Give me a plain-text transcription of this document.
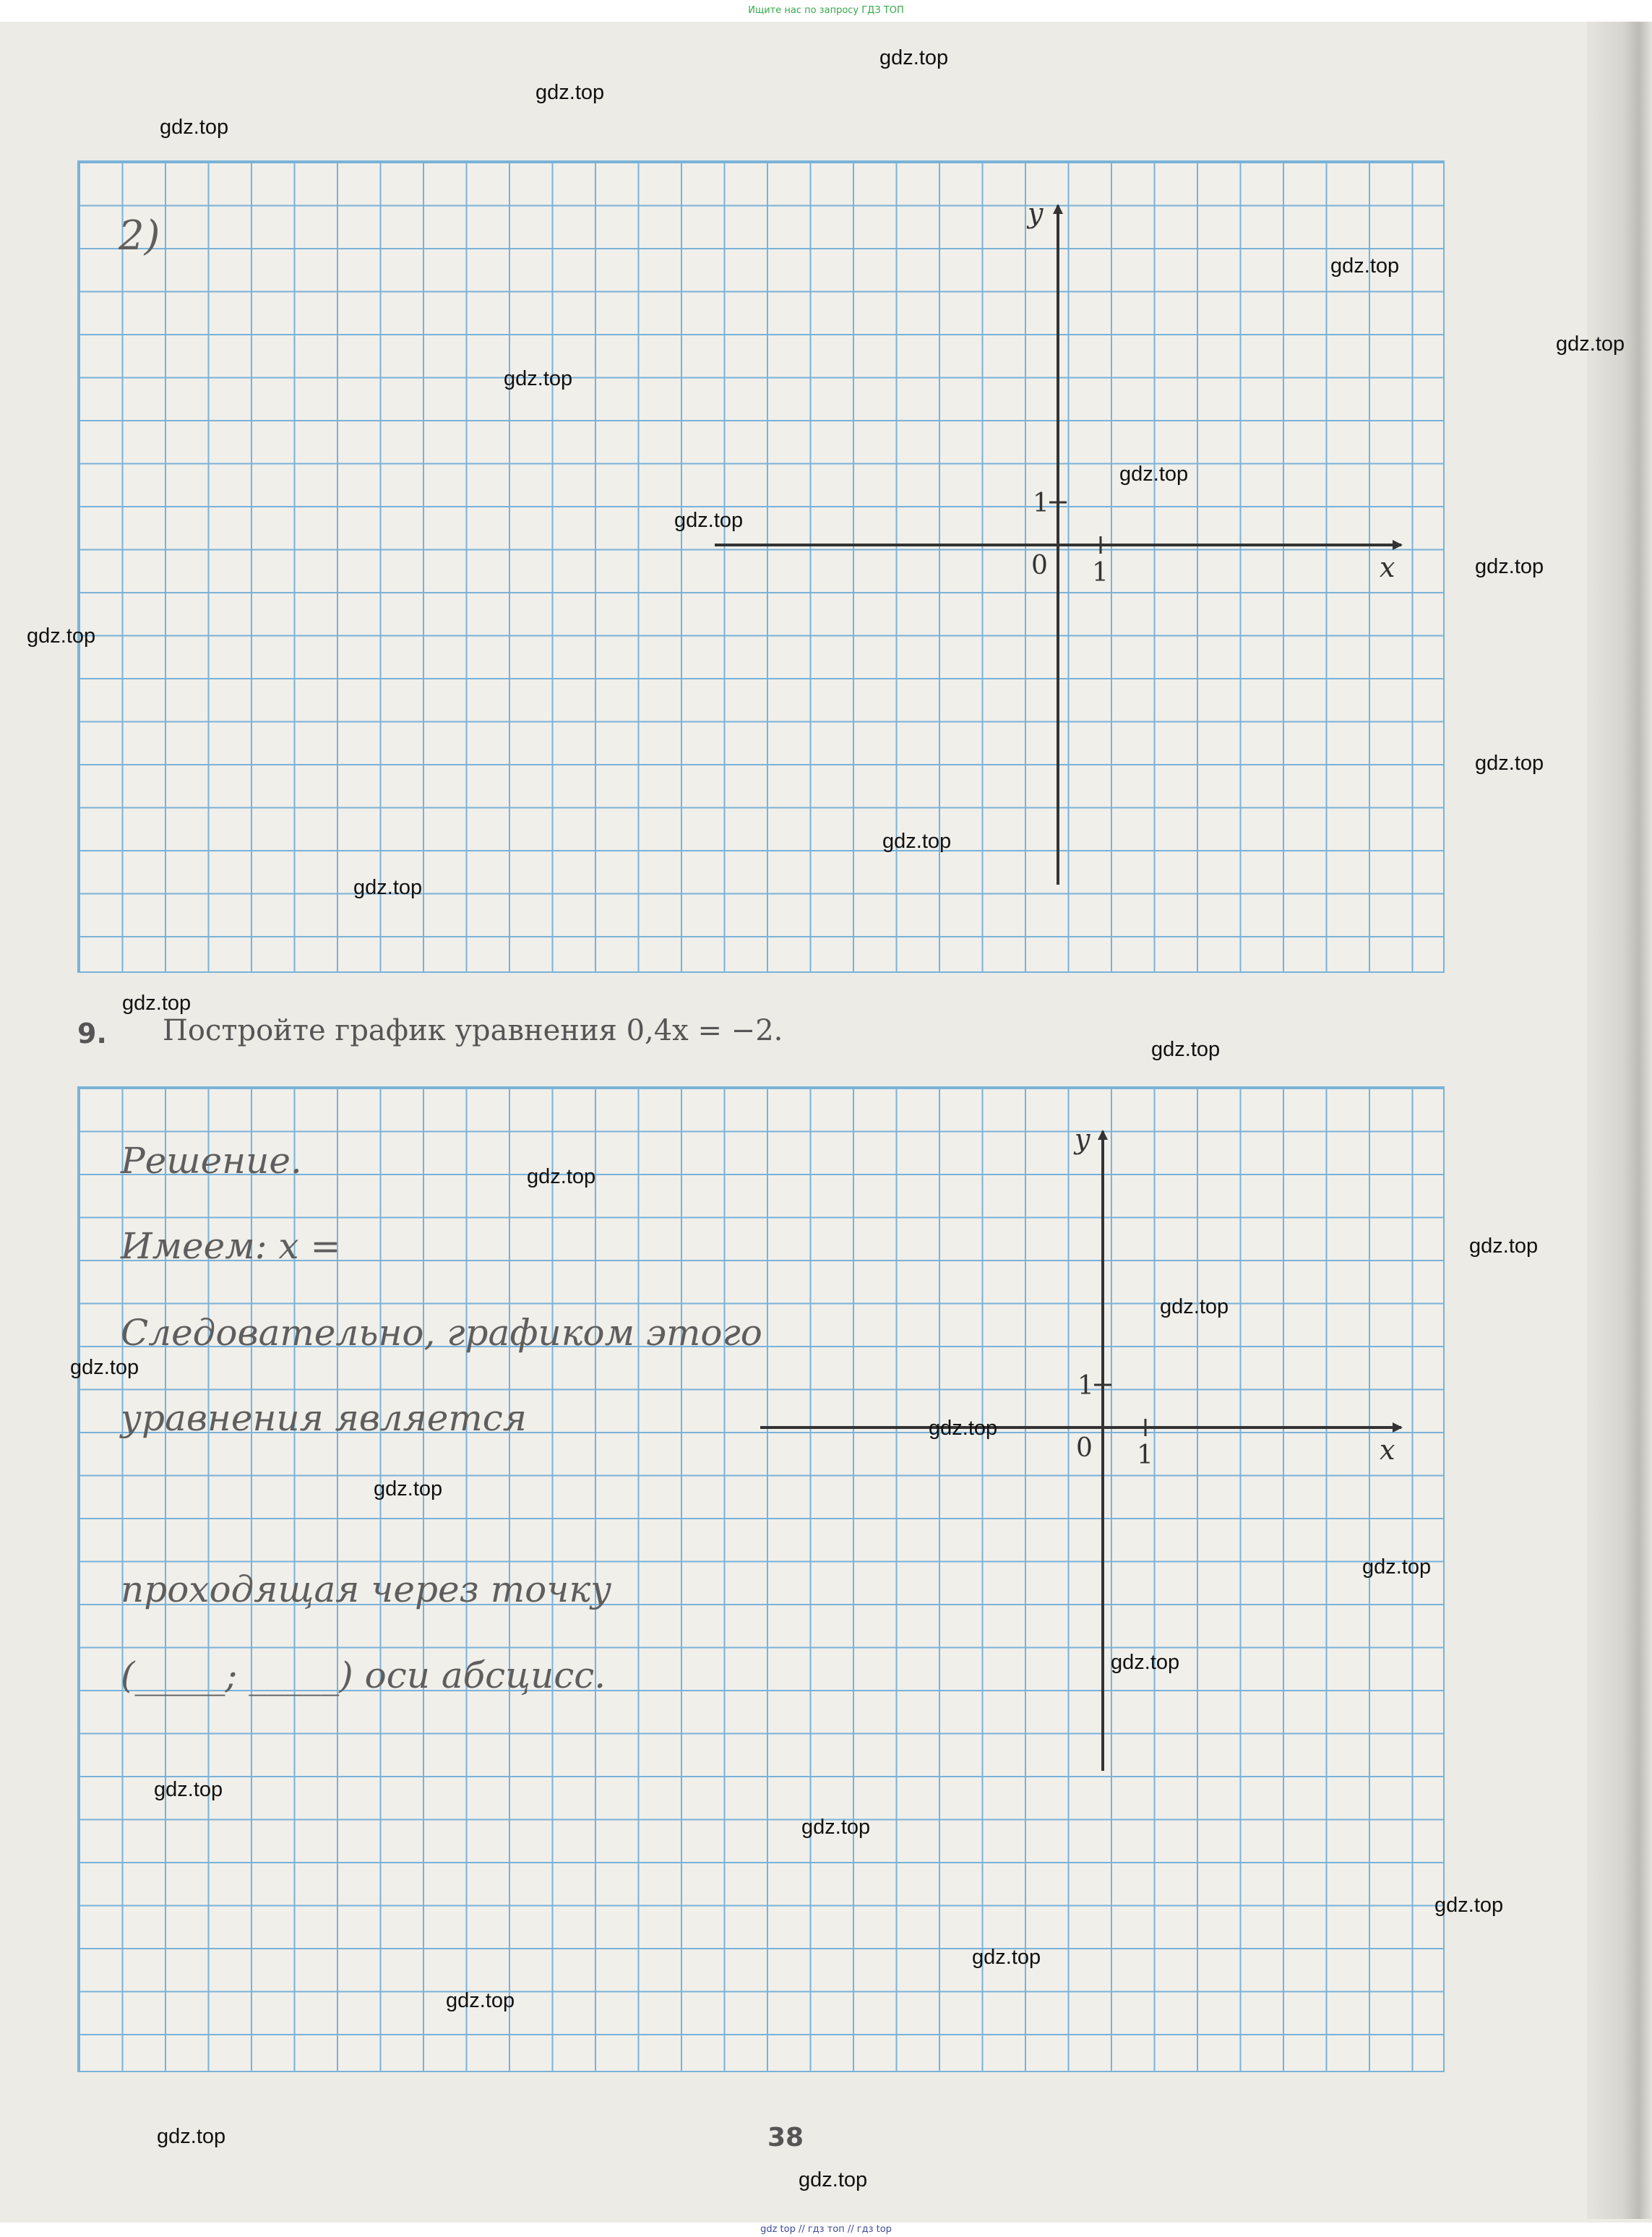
Ищите нас по запросу ГДЗ ТОП
2)	y
x
0 1
1
9. Постройте график уравнения 0,4x = −2.
Решение.
Имеем: x =
Следовательно, графиком этого
уравнения является
проходящая через точку
(_____; _____) оси абсцисс.
y
x
0 1
1
38
gdz.top
gdz.top
gdz.top
gdz.top
gdz.top
gdz.top
gdz.top
gdz.top
gdz.top
gdz.top
gdz.top
gdz.top
gdz.top
gdz.top
gdz.top
gdz.top
gdz.top
gdz.top
gdz.top
gdz.top
gdz.top
gdz.top
gdz.top
gdz.top
gdz.top
gdz.top
gdz.top
gdz.top
gdz.top
gdz.top
gdz top // гдз топ // гдз top
